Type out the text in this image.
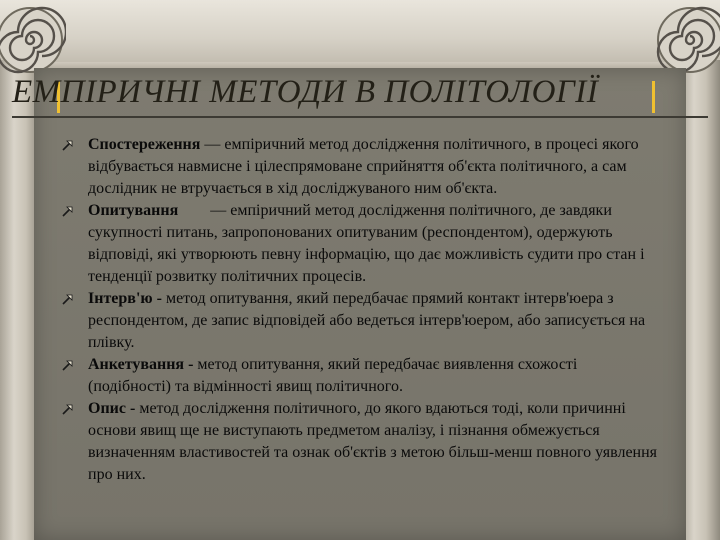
ЕМПІРИЧНІ МЕТОДИ В ПОЛІТОЛОГІЇ
Спостереження — емпіричний метод дослідження політичного, в процесі якого відбувається навмисне і цілеспрямоване сприйняття об'єкта політичного, а сам дослідник не втручається в хід досліджуваного ним об'єкта.
Опитування        — емпіричний метод дослідження політичного, де завдяки сукупності питань, запропонованих опитуваним (респондентом), одержують відповіді, які утворюють певну інформацію, що дає можливість судити про стан і тенденції розвитку політичних процесів.
Інтерв'ю - метод опитування, який передбачає прямий контакт інтерв'юера з респондентом, де запис відповідей або ведеться інтерв'юером, або записується на плівку.
Анкетування - метод опитування, який передбачає виявлення схожості (подібності) та відмінності явищ політичного.
Опис - метод дослідження політичного, до якого вдаються тоді, коли причинні основи явищ ще не виступають предметом аналізу, і пізнання обмежується визначенням властивостей та ознак об'єктів з метою більш-менш повного уявлення про них.
